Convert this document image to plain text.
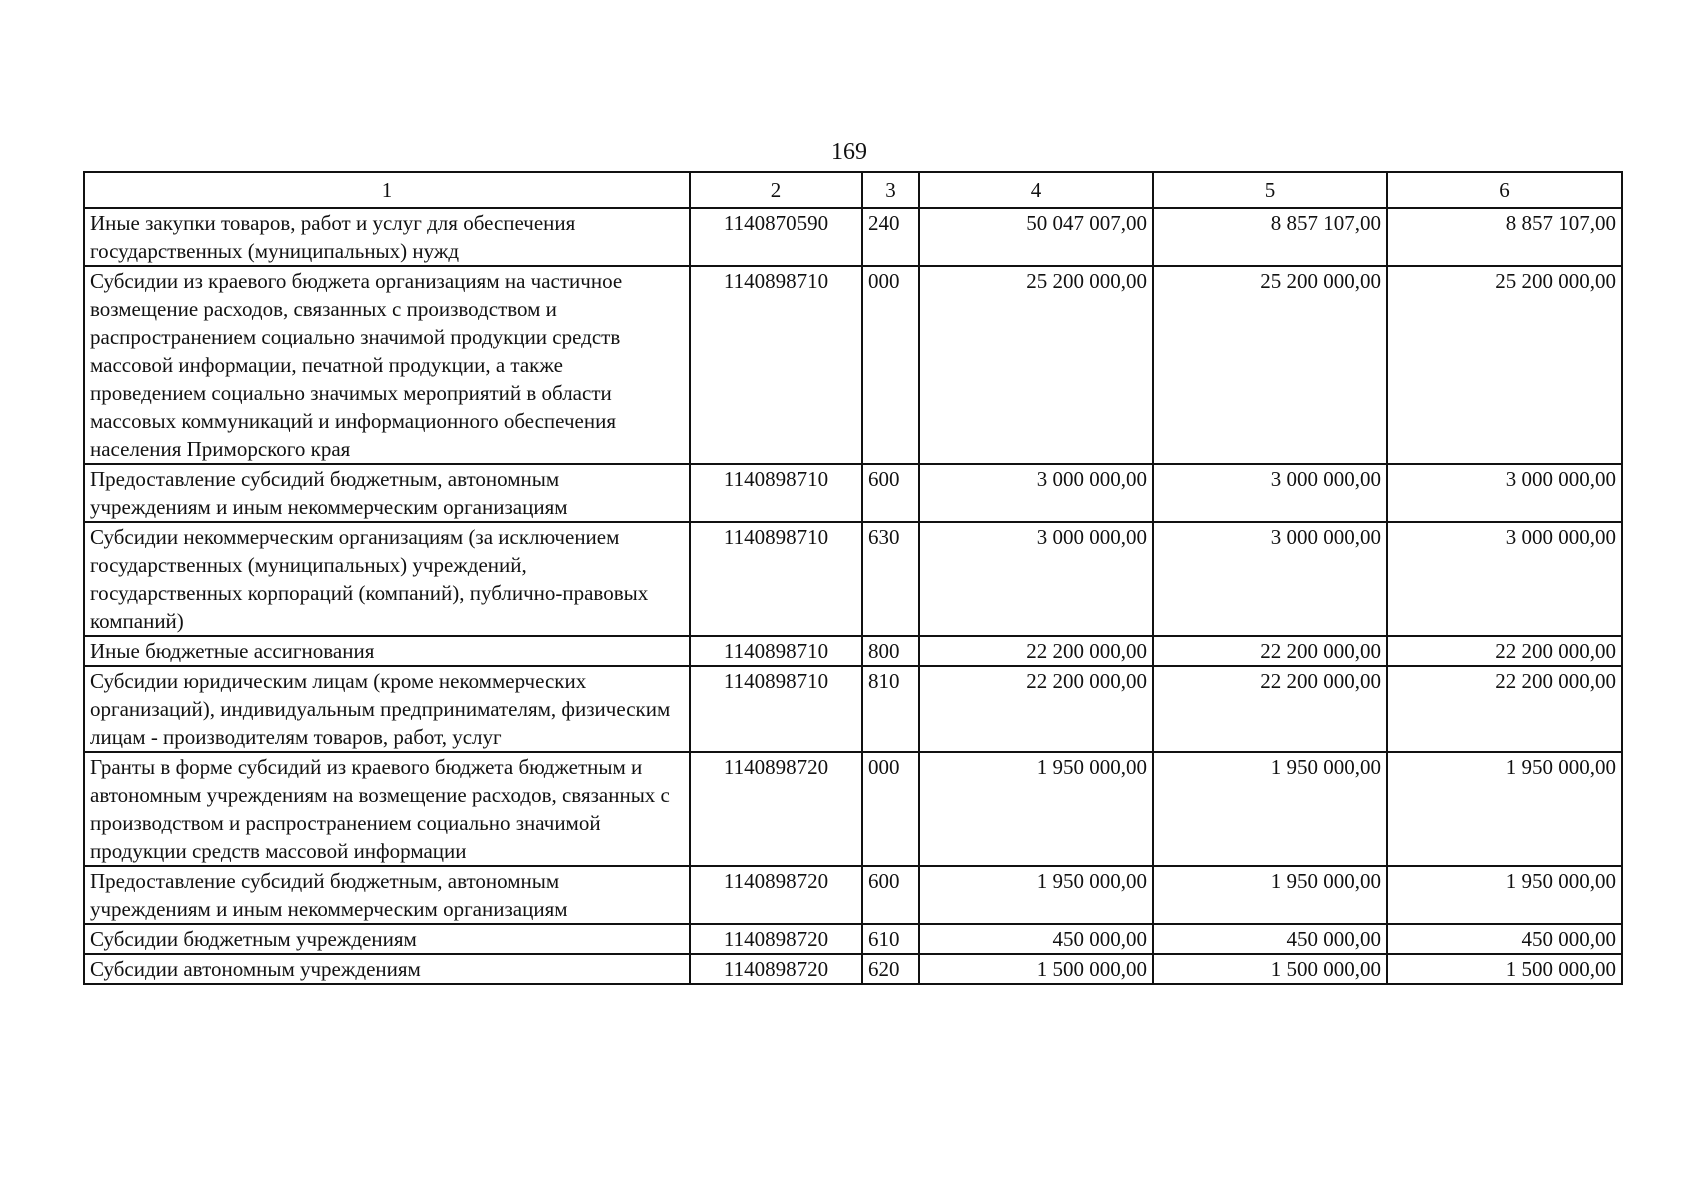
169
1	2	3	4	5	6
Иные закупки товаров, работ и услуг для обеспечения государственных (муниципальных) нужд	1140870590	240	50 047 007,00	8 857 107,00	8 857 107,00
Субсидии из краевого бюджета организациям на частичное возмещение расходов, связанных с производством и распространением социально значимой продукции средств массовой информации, печатной продукции, а также проведением социально значимых мероприятий в области массовых коммуникаций и информационного обеспечения населения Приморского края	1140898710	000	25 200 000,00	25 200 000,00	25 200 000,00
Предоставление субсидий бюджетным, автономным учреждениям и иным некоммерческим организациям	1140898710	600	3 000 000,00	3 000 000,00	3 000 000,00
Субсидии некоммерческим организациям (за исключением государственных (муниципальных) учреждений, государственных корпораций (компаний), публично-правовых компаний)	1140898710	630	3 000 000,00	3 000 000,00	3 000 000,00
Иные бюджетные ассигнования	1140898710	800	22 200 000,00	22 200 000,00	22 200 000,00
Субсидии юридическим лицам (кроме некоммерческих организаций), индивидуальным предпринимателям, физическим лицам - производителям товаров, работ, услуг	1140898710	810	22 200 000,00	22 200 000,00	22 200 000,00
Гранты в форме субсидий из краевого бюджета бюджетным и автономным учреждениям на возмещение расходов, связанных с производством и распространением социально значимой продукции средств массовой информации	1140898720	000	1 950 000,00	1 950 000,00	1 950 000,00
Предоставление субсидий бюджетным, автономным учреждениям и иным некоммерческим организациям	1140898720	600	1 950 000,00	1 950 000,00	1 950 000,00
Субсидии бюджетным учреждениям	1140898720	610	450 000,00	450 000,00	450 000,00
Субсидии автономным учреждениям	1140898720	620	1 500 000,00	1 500 000,00	1 500 000,00
